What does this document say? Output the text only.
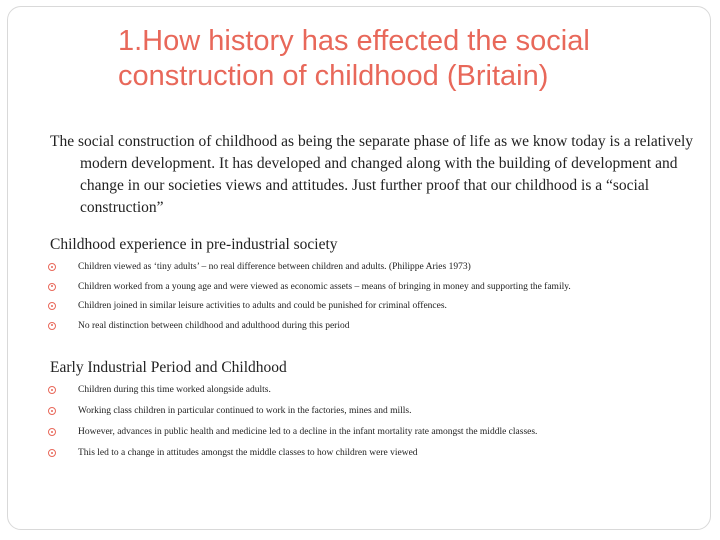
1.How history has effected the social
construction of childhood (Britain)

The social construction of childhood as being the separate phase of life as we know today is a relatively modern development. It has developed and changed along with the building of development and change in our societies views and attitudes. Just further proof that our childhood is a “social construction”

Childhood experience in pre-industrial society
Children viewed as ‘tiny adults’ – no real difference between children and adults. (Philippe Aries 1973)
Children worked from a young age and were viewed as economic assets – means of bringing in money and supporting the family.
Children joined in similar leisure activities to adults and could be punished for criminal offences.
No real distinction between childhood and adulthood during this period
Early Industrial Period and Childhood
Children during this time worked alongside adults.
Working class children in particular continued to work in the factories, mines and mills.
However, advances in public health and medicine led to a decline in the infant mortality rate amongst the middle classes.
This led to a change in attitudes amongst the middle classes to how children were viewed
